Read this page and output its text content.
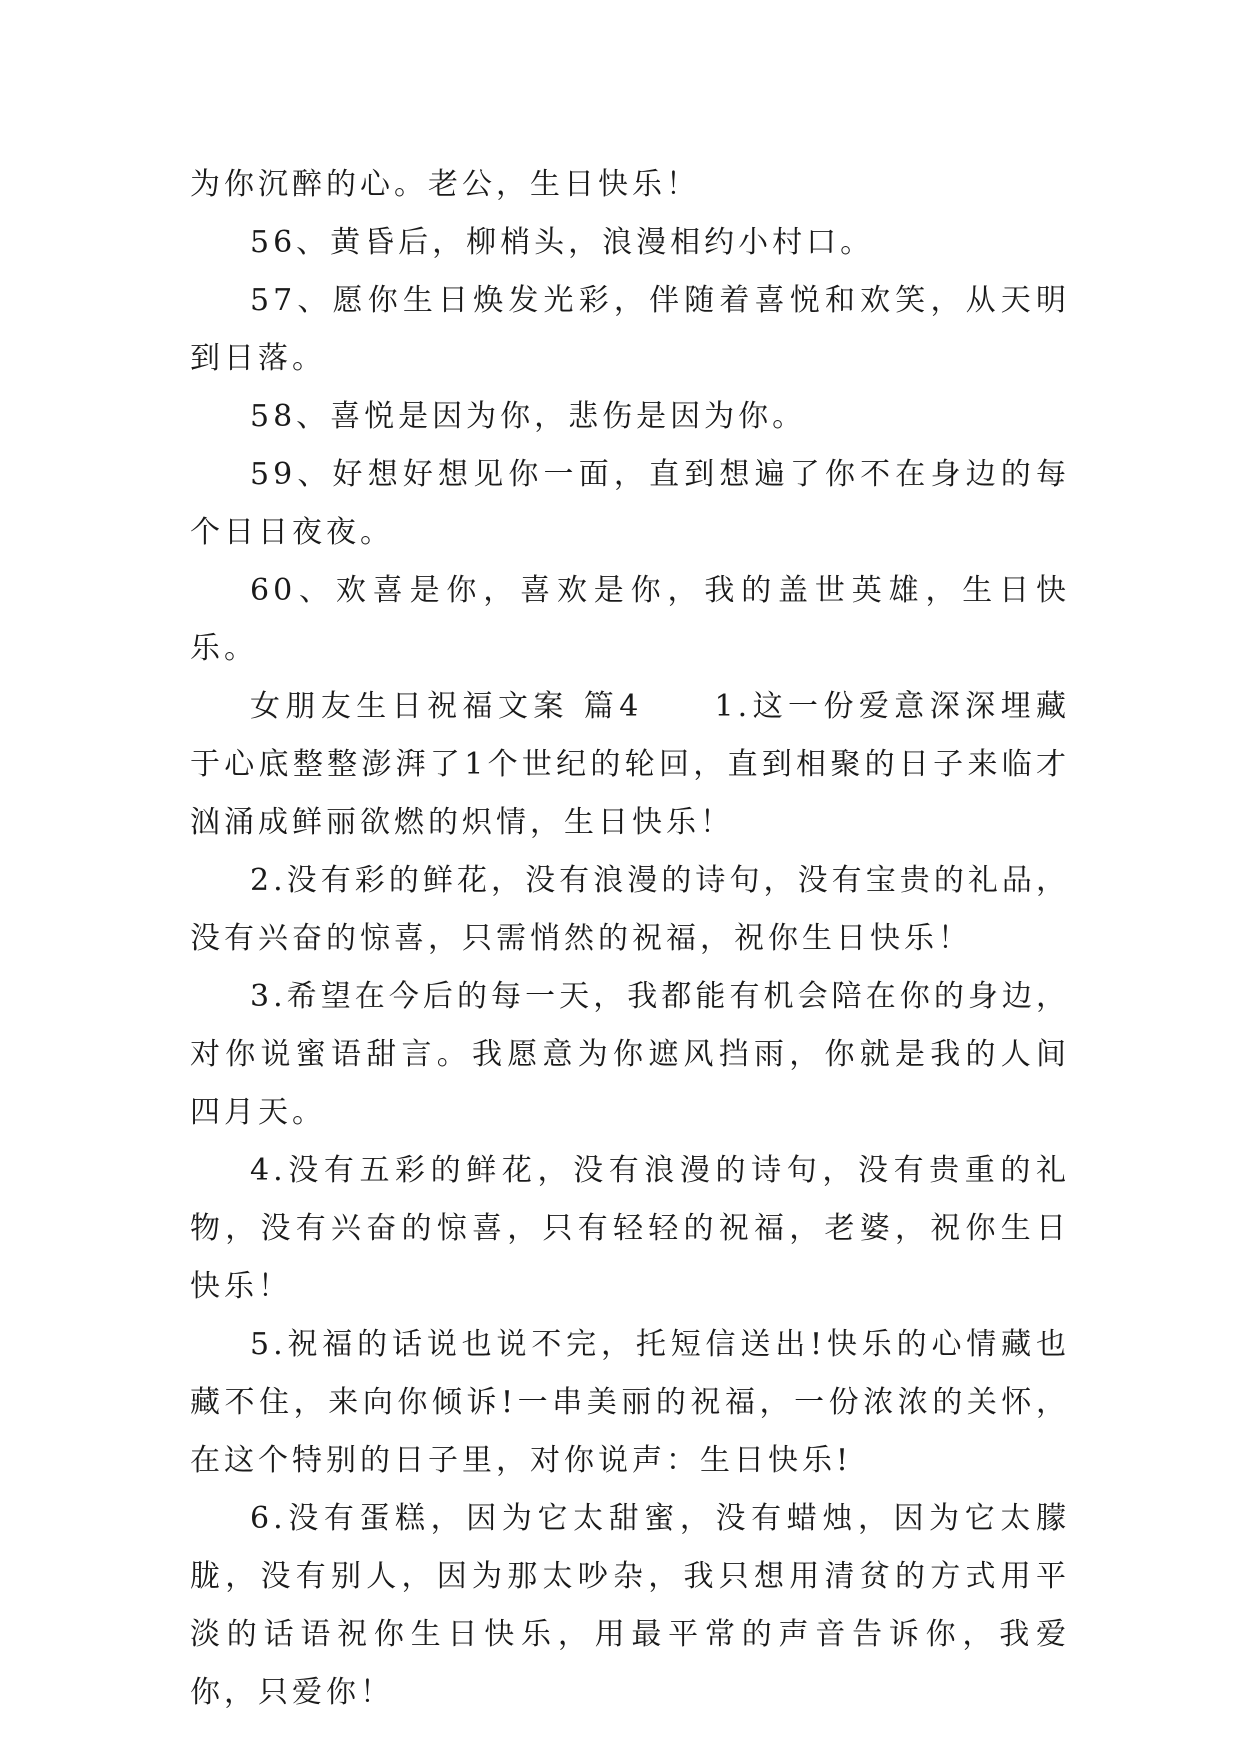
为你沉醉的心。老公，生日快乐！

56、黄昏后，柳梢头，浪漫相约小村口。

57、愿你生日焕发光彩，伴随着喜悦和欢笑，从天明到日落。

58、喜悦是因为你，悲伤是因为你。

59、好想好想见你一面，直到想遍了你不在身边的每个日日夜夜。

60、欢喜是你，喜欢是你，我的盖世英雄，生日快乐。

女朋友生日祝福文案 篇4　　1.这一份爱意深深埋藏于心底整整澎湃了1个世纪的轮回，直到相聚的日子来临才汹涌成鲜丽欲燃的炽情，生日快乐！

2.没有彩的鲜花，没有浪漫的诗句，没有宝贵的礼品，没有兴奋的惊喜，只需悄然的祝福，祝你生日快乐！

3.希望在今后的每一天，我都能有机会陪在你的身边，对你说蜜语甜言。我愿意为你遮风挡雨，你就是我的人间四月天。

4.没有五彩的鲜花，没有浪漫的诗句，没有贵重的礼物，没有兴奋的惊喜，只有轻轻的祝福，老婆，祝你生日快乐！

5.祝福的话说也说不完，托短信送出!快乐的心情藏也藏不住，来向你倾诉!一串美丽的祝福，一份浓浓的关怀，在这个特别的日子里，对你说声：生日快乐!

6.没有蛋糕，因为它太甜蜜，没有蜡烛，因为它太朦胧，没有别人，因为那太吵杂，我只想用清贫的方式用平淡的话语祝你生日快乐，用最平常的声音告诉你，我爱你，只爱你！
